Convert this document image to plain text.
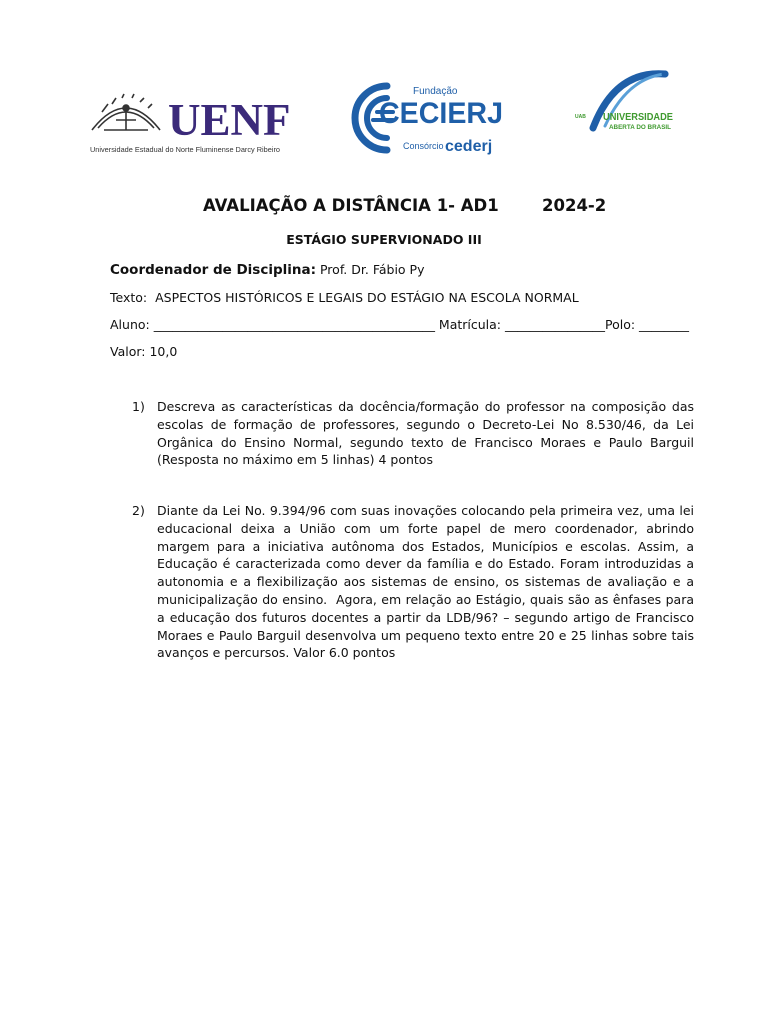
UENF
Universidade Estadual do Norte Fluminense Darcy Ribeiro
Fundação
CECIERJ
Consórcio cederj
UAB UNIVERSIDADE
ABERTA DO BRASIL
AVALIAÇÃO A DISTÂNCIA 1- AD1	2024-2
ESTÁGIO SUPERVIONADO III
Coordenador de Disciplina: Prof. Dr. Fábio Py
Texto:  ASPECTOS HISTÓRICOS E LEGAIS DO ESTÁGIO NA ESCOLA NORMAL
Aluno: _____________________________________________ Matrícula: ________________Polo: ________
Valor: 10,0
1) Descreva as características da docência/formação do professor na composição das escolas de formação de professores, segundo o Decreto-Lei No 8.530/46, da Lei Orgânica do Ensino Normal, segundo texto de Francisco Moraes e Paulo Barguil (Resposta no máximo em 5 linhas) 4 pontos
2) Diante da Lei No. 9.394/96 com suas inovações colocando pela primeira vez, uma lei educacional deixa a União com um forte papel de mero coordenador, abrindo margem para a iniciativa autônoma dos Estados, Municípios e escolas. Assim, a Educação é caracterizada como dever da família e do Estado. Foram introduzidas a autonomia e a flexibilização aos sistemas de ensino, os sistemas de avaliação e a municipalização do ensino.  Agora, em relação ao Estágio, quais são as ênfases para a educação dos futuros docentes a partir da LDB/96? – segundo artigo de Francisco Moraes e Paulo Barguil desenvolva um pequeno texto entre 20 e 25 linhas sobre tais avanços e percursos. Valor 6.0 pontos
